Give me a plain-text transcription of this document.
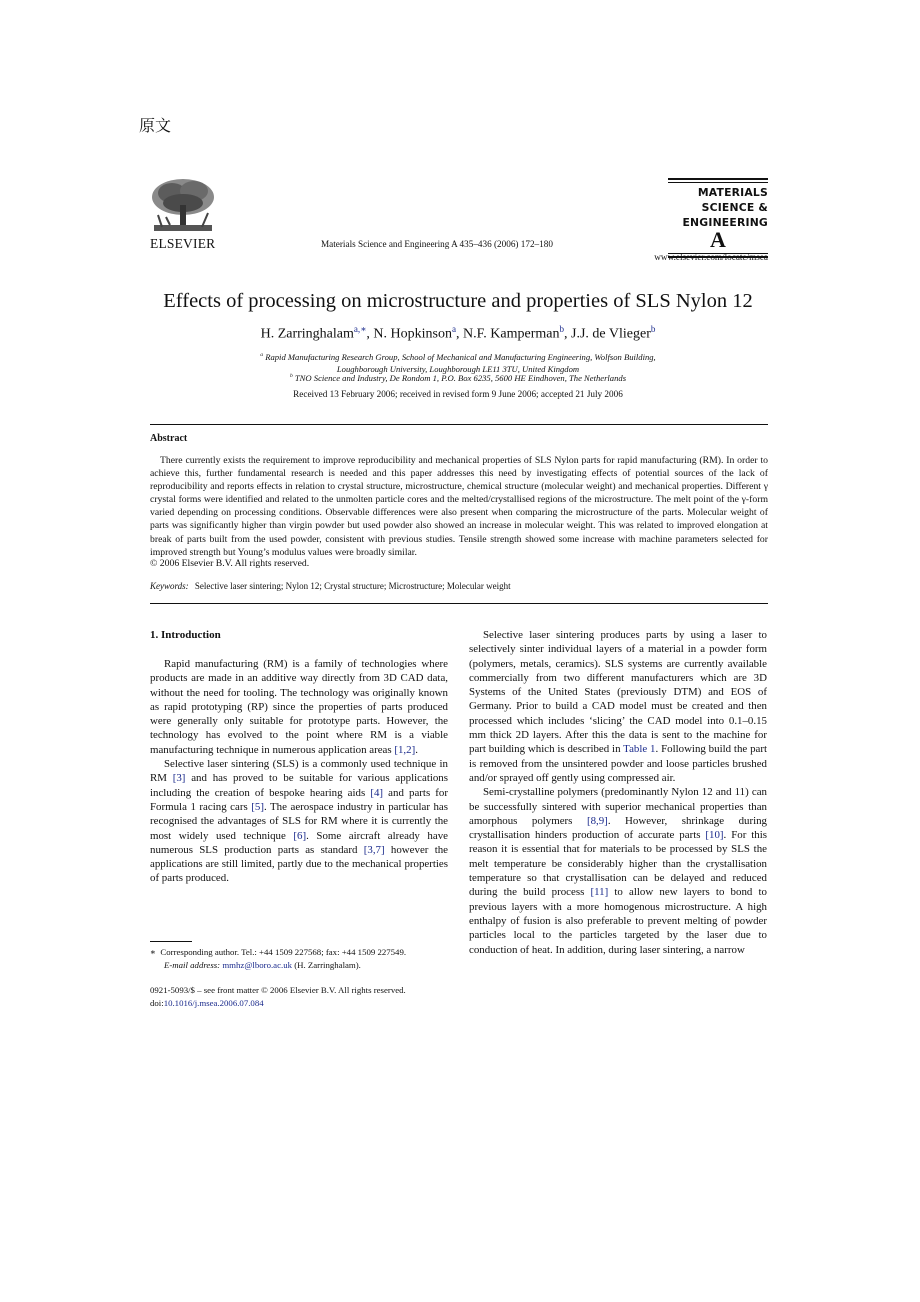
原文
ELSEVIER	Materials Science and Engineering A 435–436 (2006) 172–180
MATERIALS
SCIENCE &
ENGINEERING
A
www.elsevier.com/locate/msea
Effects of processing on microstructure and properties of SLS Nylon 12
H. Zarringhalam$^{a,∗}$, N. Hopkinson$^a$, N.F. Kamperman$^b$, J.J. de Vlieger$^b$
$^a$ Rapid Manufacturing Research Group, School of Mechanical and Manufacturing Engineering, Wolfson Building,
Loughborough University, Loughborough LE11 3TU, United Kingdom
$^b$ TNO Science and Industry, De Rondom 1, P.O. Box 6235, 5600 HE Eindhoven, The Netherlands
Received 13 February 2006; received in revised form 9 June 2006; accepted 21 July 2006
Abstract
There currently exists the requirement to improve reproducibility and mechanical properties of SLS Nylon parts for rapid manufacturing (RM). In order to achieve this, further fundamental research is needed and this paper addresses this need by investigating effects of potential sources of the lack of reproducibility and reports effects in relation to crystal structure, microstructure, chemical structure (molecular weight) and mechanical properties. Different γ crystal forms were identified and related to the unmolten particle cores and the melted/crystallised regions of the microstructure. The melt point of the γ-form varied depending on processing conditions. Observable differences were also present when comparing the microstructure of the parts. Molecular weight of parts was significantly higher than virgin powder but used powder also showed an increase in molecular weight. This was related to improved elongation at break of parts built from the used powder, consistent with previous studies. Tensile strength showed some increase with machine parameters selected for improved strength but Young’s modulus values were broadly similar.
© 2006 Elsevier B.V. All rights reserved.
Keywords: Selective laser sintering; Nylon 12; Crystal structure; Microstructure; Molecular weight
1. Introduction

Rapid manufacturing (RM) is a family of technologies where products are made in an additive way directly from 3D CAD data, without the need for tooling. The technology was originally known as rapid prototyping (RP) since the properties of parts produced were generally only suitable for prototype parts. However, the technology has evolved to the point where RM is a viable manufacturing technique in numerous application areas [1,2].

Selective laser sintering (SLS) is a commonly used technique in RM [3] and has proved to be suitable for various applications including the creation of bespoke hearing aids [4] and parts for Formula 1 racing cars [5]. The aerospace industry in particular has recognised the advantages of SLS for RM where it is currently the most widely used technique [6]. Some aircraft already have numerous SLS production parts as standard [3,7] however the applications are still limited, partly due to the mechanical properties of parts produced.

Selective laser sintering produces parts by using a laser to selectively sinter individual layers of a material in a powder form (polymers, metals, ceramics). SLS systems are currently available commercially from two different manufacturers which are 3D Systems of the United States (previously DTM) and EOS of Germany. Prior to build a CAD model must be created and then processed which includes ‘slicing’ the CAD model into 0.1–0.15 mm thick 2D layers. After this the data is sent to the machine for part building which is described in Table 1. Following build the part is removed from the unsintered powder and loose particles brushed and/or sprayed off gently using compressed air.

Semi-crystalline polymers (predominantly Nylon 12 and 11) can be successfully sintered with superior mechanical properties than amorphous polymers [8,9]. However, shrinkage during crystallisation hinders production of accurate parts [10]. For this reason it is essential that for materials to be processed by SLS the melt temperature be considerably higher than the crystallisation temperature so that crystallisation can be delayed and reduced during the build process [11] to allow new layers to bond to previous layers with a more homogenous microstructure. A high enthalpy of fusion is also preferable to prevent melting of powder particles local to the particles targeted by the laser due to conduction of heat. In addition, during laser sintering, a narrow

∗ Corresponding author. Tel.: +44 1509 227568; fax: +44 1509 227549.
E-mail address: mmhz@lboro.ac.uk (H. Zarringhalam).
0921-5093/$ – see front matter © 2006 Elsevier B.V. All rights reserved.
doi:10.1016/j.msea.2006.07.084
